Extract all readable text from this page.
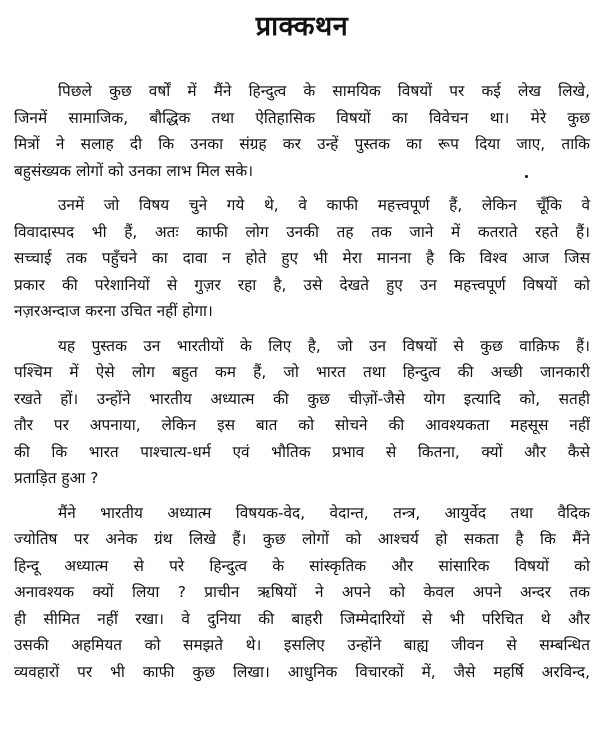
प्राक्कथन
पिछले कुछ वर्षों में मैंने हिन्दुत्व के सामयिक विषयों पर कई लेख लिखे,
जिनमें सामाजिक, बौद्धिक तथा ऐतिहासिक विषयों का विवेचन था। मेरे कुछ
मित्रों ने सलाह दी कि उनका संग्रह कर उन्हें पुस्तक का रूप दिया जाए, ताकि
बहुसंख्यक लोगों को उनका लाभ मिल सके।
उनमें जो विषय चुने गये थे, वे काफी महत्त्वपूर्ण हैं, लेकिन चूँकि वे
विवादास्पद भी हैं, अतः काफी लोग उनकी तह तक जाने में कतराते रहते हैं।
सच्चाई तक पहुँचने का दावा न होते हुए भी मेरा मानना है कि विश्व आज जिस
प्रकार की परेशानियों से गुज़र रहा है, उसे देखते हुए उन महत्त्वपूर्ण विषयों को
नज़रअन्दाज करना उचित नहीं होगा।
यह पुस्तक उन भारतीयों के लिए है, जो उन विषयों से कुछ वाक़िफ हैं।
पश्चिम में ऐसे लोग बहुत कम हैं, जो भारत तथा हिन्दुत्व की अच्छी जानकारी
रखते हों। उन्होंने भारतीय अध्यात्म की कुछ चीज़ों-जैसे योग इत्यादि को, सतही
तौर पर अपनाया, लेकिन इस बात को सोचने की आवश्यकता महसूस नहीं
की कि भारत पाश्चात्य-धर्म एवं भौतिक प्रभाव से कितना, क्यों और कैसे
प्रताड़ित हुआ ?
मैंने भारतीय अध्यात्म विषयक-वेद, वेदान्त, तन्त्र, आयुर्वेद तथा वैदिक
ज्योतिष पर अनेक ग्रंथ लिखे हैं। कुछ लोगों को आश्चर्य हो सकता है कि मैंने
हिन्दू अध्यात्म से परे हिन्दुत्व के सांस्कृतिक और सांसारिक विषयों को
अनावश्यक क्यों लिया ? प्राचीन ऋषियों ने अपने को केवल अपने अन्दर तक
ही सीमित नहीं रखा। वे दुनिया की बाहरी जिम्मेदारियों से भी परिचित थे और
उसकी अहमियत को समझते थे। इसलिए उन्होंने बाह्य जीवन से सम्बन्धित
व्यवहारों पर भी काफी कुछ लिखा। आधुनिक विचारकों में, जैसे महर्षि अरविन्द,
